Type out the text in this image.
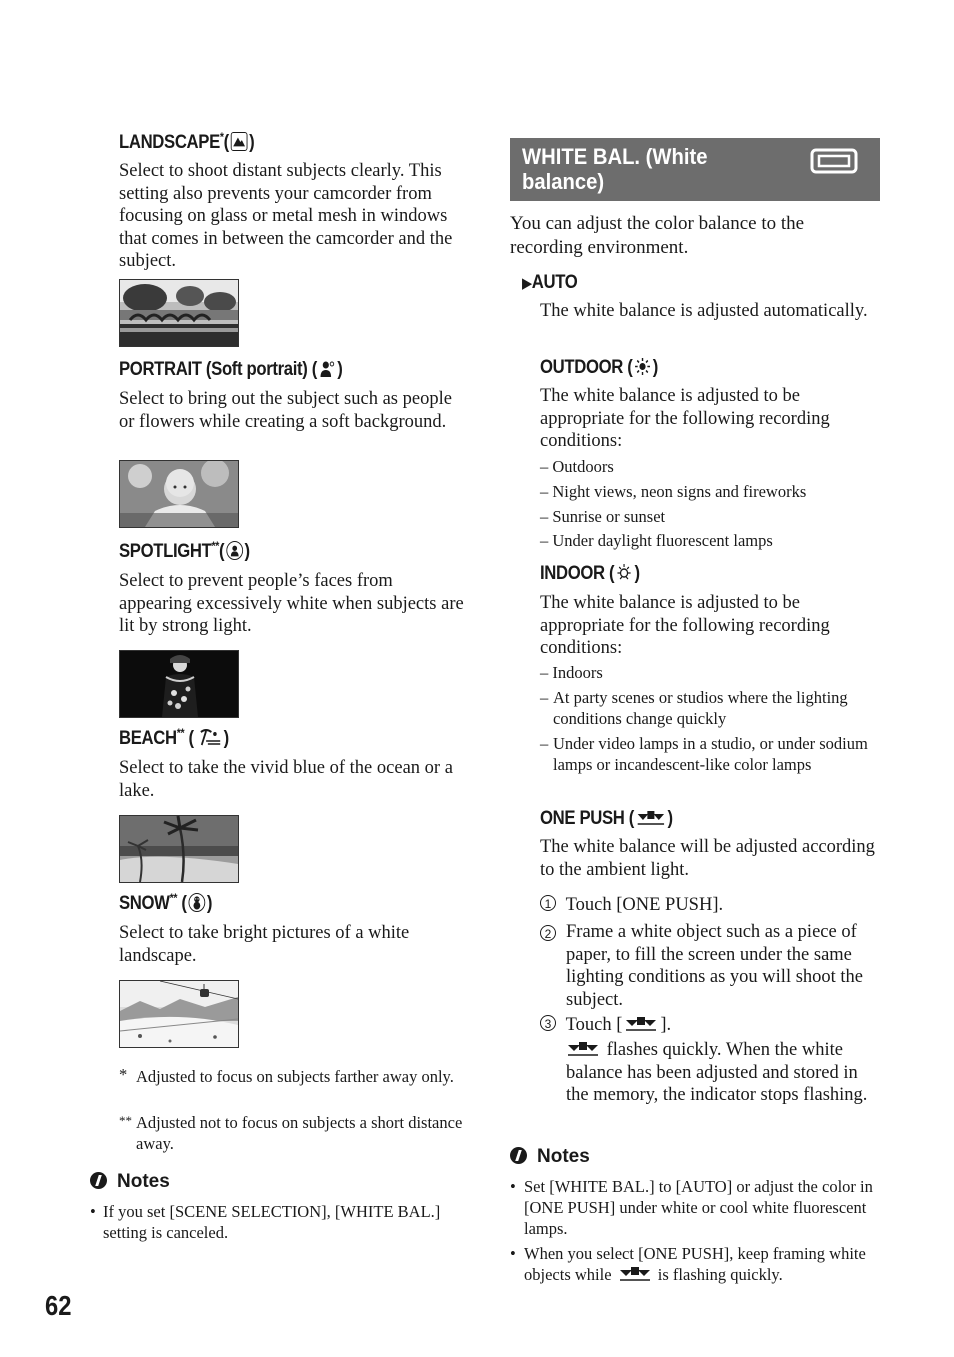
LANDSCAPE*( )
Select to shoot distant subjects clearly. This setting also prevents your camcorder from focusing on glass or metal mesh in windows that comes in between the camcorder and the subject.
PORTRAIT (Soft portrait) ( )
Select to bring out the subject such as people or flowers while creating a soft background.
SPOTLIGHT**( )
Select to prevent people’s faces from appearing excessively white when subjects are lit by strong light.
BEACH** ( )
Select to take the vivid blue of the ocean or a lake.
SNOW** ( )
Select to take bright pictures of a white landscape.
* Adjusted to focus on subjects farther away only.
** Adjusted not to focus on subjects a short distance away.
Notes
• If you set [SCENE SELECTION], [WHITE BAL.] setting is canceled.
WHITE BAL. (White balance)
You can adjust the color balance to the recording environment.
▶AUTO
The white balance is adjusted automatically.
OUTDOOR ( )
The white balance is adjusted to be appropriate for the following recording conditions:
– Outdoors
– Night views, neon signs and fireworks
– Sunrise or sunset
– Under daylight fluorescent lamps
INDOOR ( )
The white balance is adjusted to be appropriate for the following recording conditions:
– Indoors
– At party scenes or studios where the lighting conditions change quickly
– Under video lamps in a studio, or under sodium lamps or incandescent-like color lamps
ONE PUSH ( )
The white balance will be adjusted according to the ambient light.
1 Touch [ONE PUSH].
2 Frame a white object such as a piece of paper, to fill the screen under the same lighting conditions as you will shoot the subject.
3 Touch [ ].
flashes quickly. When the white balance has been adjusted and stored in the memory, the indicator stops flashing.
Notes
• Set [WHITE BAL.] to [AUTO] or adjust the color in [ONE PUSH] under white or cool white fluorescent lamps.
• When you select [ONE PUSH], keep framing white objects while	is flashing quickly.
62
